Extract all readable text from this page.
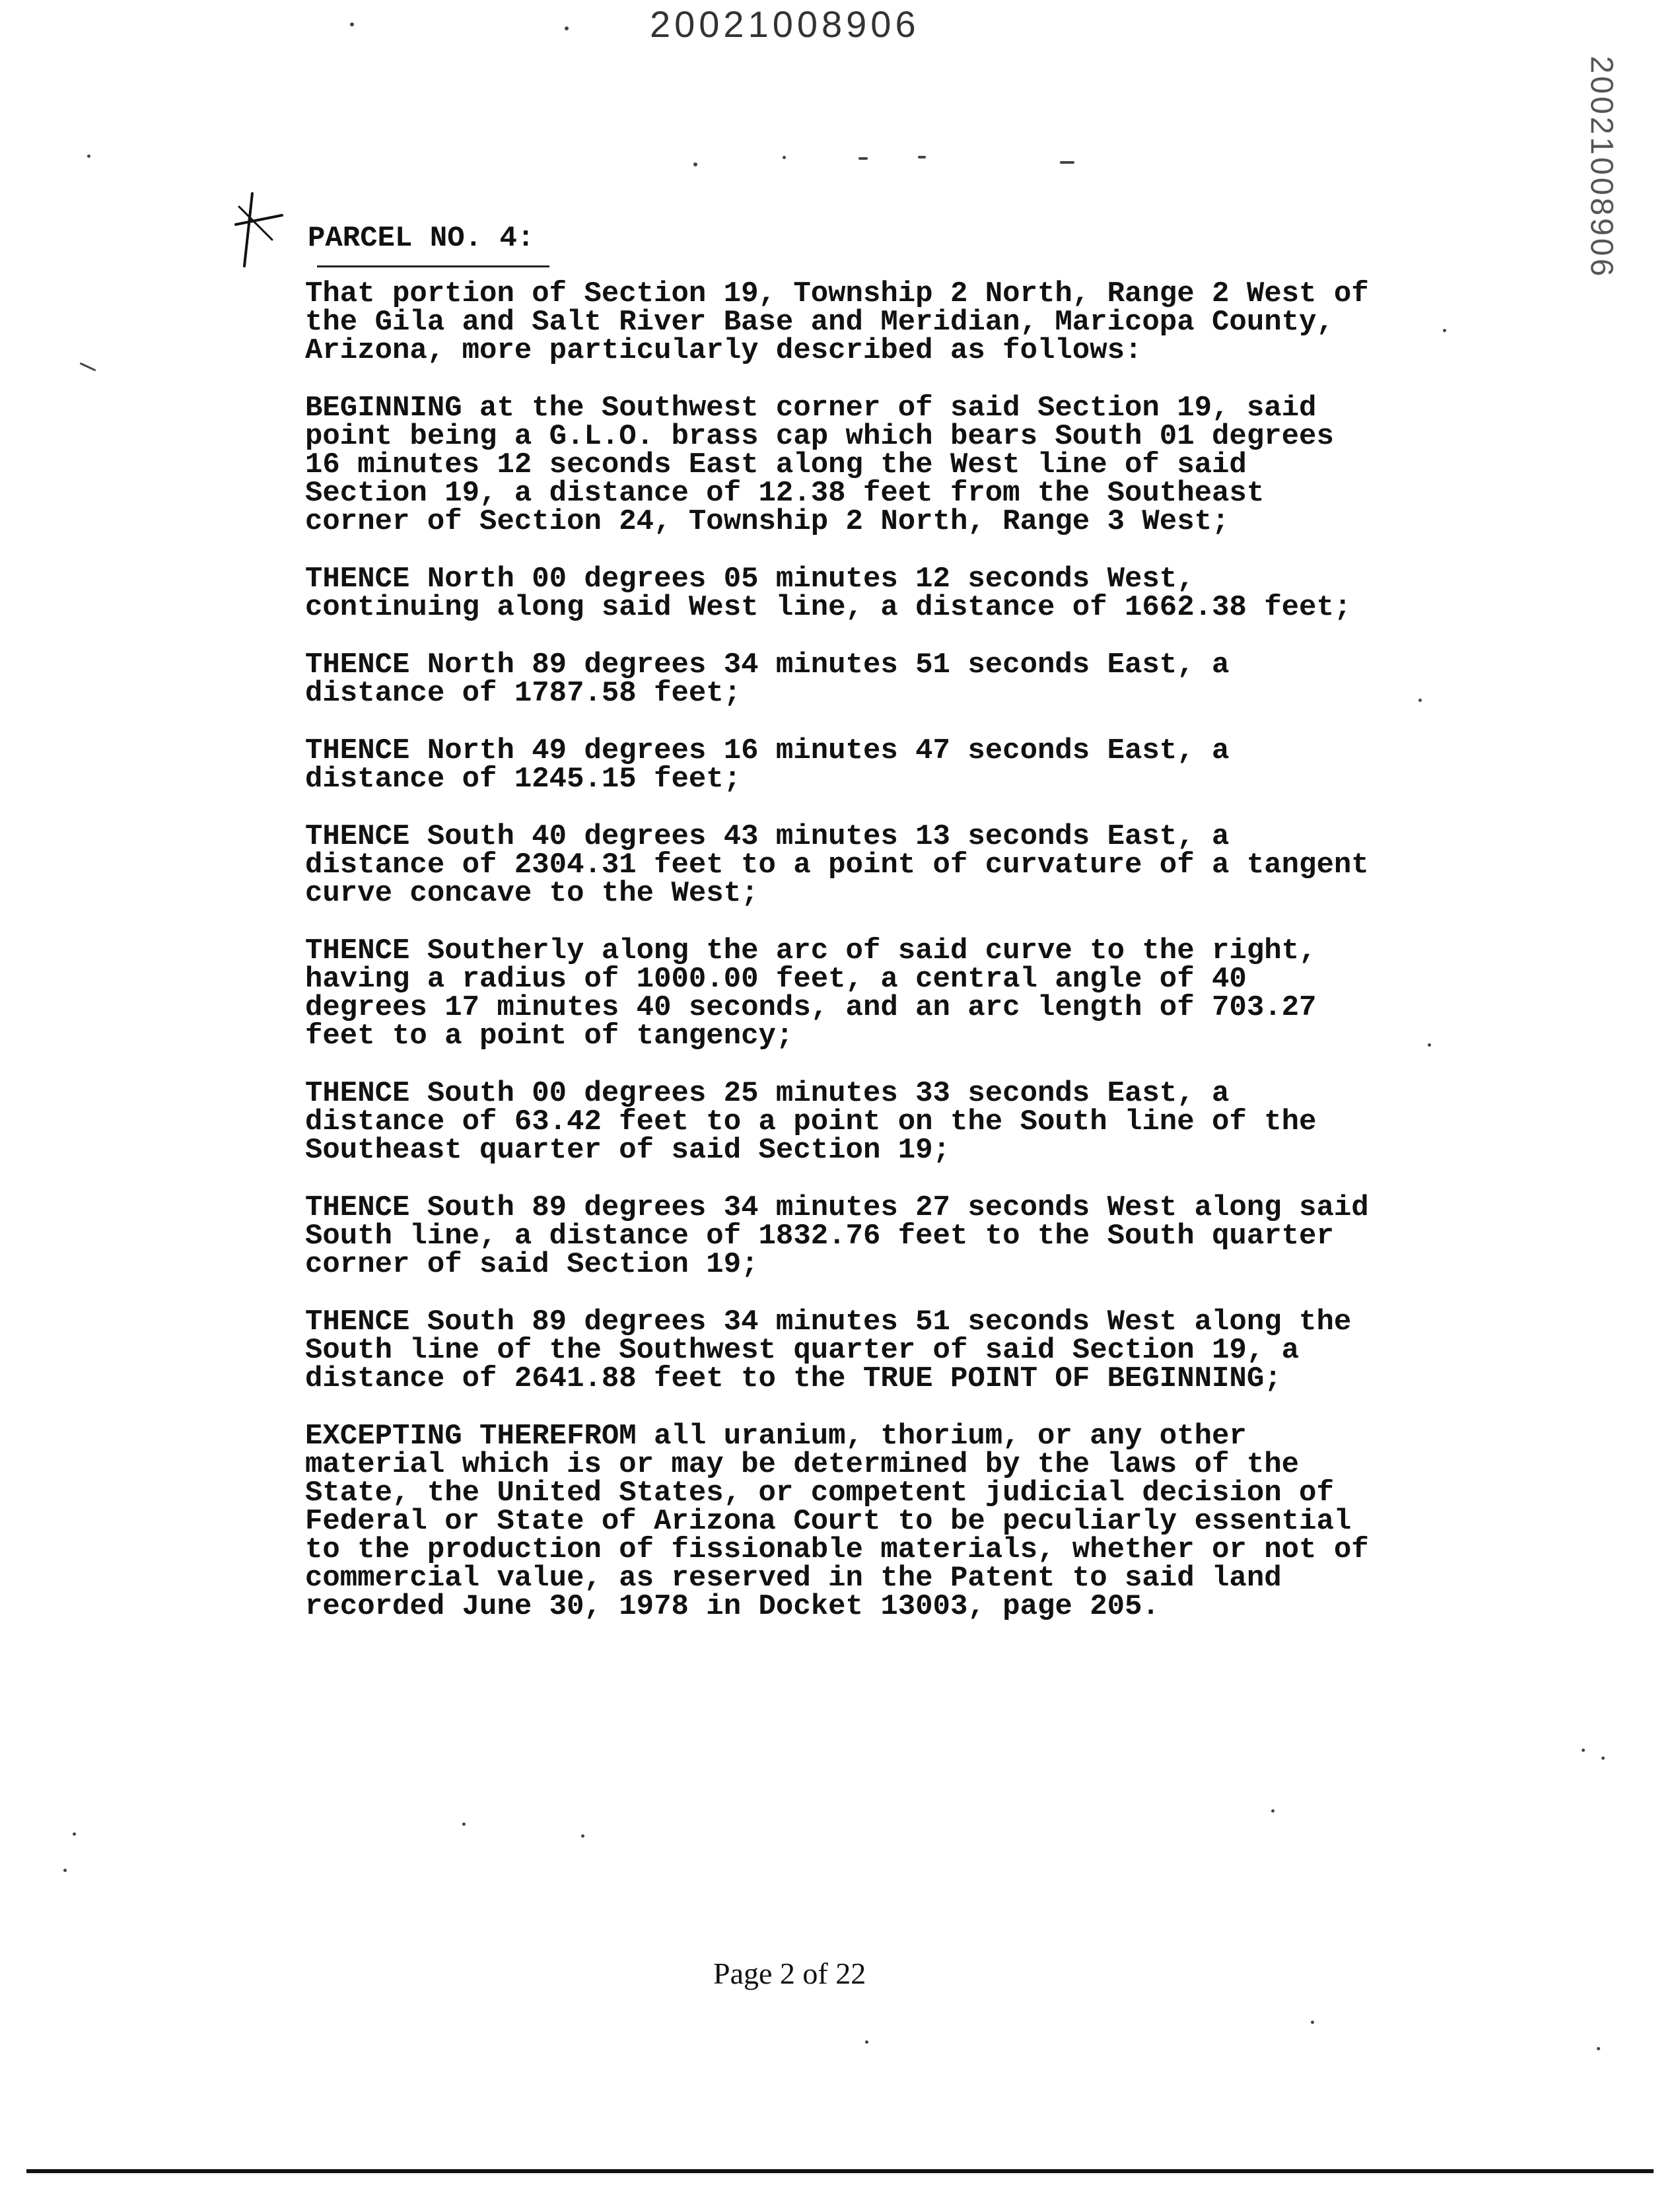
20021008906
20021008906
PARCEL NO. 4:

That portion of Section 19, Township 2 North, Range 2 West of
the Gila and Salt River Base and Meridian, Maricopa County,
Arizona, more particularly described as follows:

BEGINNING at the Southwest corner of said Section 19, said
point being a G.L.O. brass cap which bears South 01 degrees
16 minutes 12 seconds East along the West line of said
Section 19, a distance of 12.38 feet from the Southeast
corner of Section 24, Township 2 North, Range 3 West;

THENCE North 00 degrees 05 minutes 12 seconds West,
continuing along said West line, a distance of 1662.38 feet;

THENCE North 89 degrees 34 minutes 51 seconds East, a
distance of 1787.58 feet;

THENCE North 49 degrees 16 minutes 47 seconds East, a
distance of 1245.15 feet;

THENCE South 40 degrees 43 minutes 13 seconds East, a
distance of 2304.31 feet to a point of curvature of a tangent
curve concave to the West;

THENCE Southerly along the arc of said curve to the right,
having a radius of 1000.00 feet, a central angle of 40
degrees 17 minutes 40 seconds, and an arc length of 703.27
feet to a point of tangency;

THENCE South 00 degrees 25 minutes 33 seconds East, a
distance of 63.42 feet to a point on the South line of the
Southeast quarter of said Section 19;

THENCE South 89 degrees 34 minutes 27 seconds West along said
South line, a distance of 1832.76 feet to the South quarter
corner of said Section 19;

THENCE South 89 degrees 34 minutes 51 seconds West along the
South line of the Southwest quarter of said Section 19, a
distance of 2641.88 feet to the TRUE POINT OF BEGINNING;

EXCEPTING THEREFROM all uranium, thorium, or any other
material which is or may be determined by the laws of the
State, the United States, or competent judicial decision of
Federal or State of Arizona Court to be peculiarly essential
to the production of fissionable materials, whether or not of
commercial value, as reserved in the Patent to said land
recorded June 30, 1978 in Docket 13003, page 205.

Page 2 of 22
